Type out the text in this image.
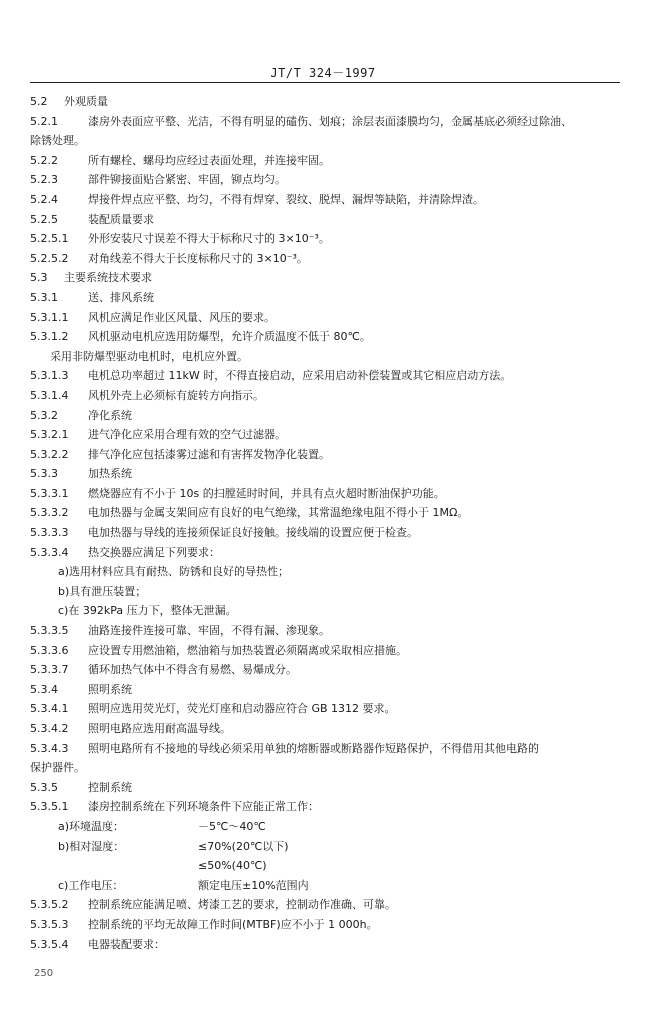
JT/T 324－1997
5.2 外观质量
5.2.1	漆房外表面应平整、光洁，不得有明显的磕伤、划痕；涂层表面漆膜均匀，金属基底必须经过除油、
除锈处理。
5.2.2	所有螺栓、螺母均应经过表面处理，并连接牢固。
5.2.3	部件铆接面贴合紧密、牢固，铆点均匀。
5.2.4	焊接件焊点应平整、均匀，不得有焊穿、裂纹、脱焊、漏焊等缺陷，并清除焊渣。
5.2.5	装配质量要求
5.2.5.1 外形安装尺寸误差不得大于标称尺寸的 3×10⁻³。
5.2.5.2 对角线差不得大于长度标称尺寸的 3×10⁻³。
5.3 主要系统技术要求
5.3.1	送、排风系统
5.3.1.1 风机应满足作业区风量、风压的要求。
5.3.1.2 风机驱动电机应选用防爆型，允许介质温度不低于 80℃。
采用非防爆型驱动电机时，电机应外置。
5.3.1.3 电机总功率超过 11kW 时，不得直接启动，应采用启动补偿装置或其它相应启动方法。
5.3.1.4 风机外壳上必须标有旋转方向指示。
5.3.2	净化系统
5.3.2.1 进气净化应采用合理有效的空气过滤器。
5.3.2.2 排气净化应包括漆雾过滤和有害挥发物净化装置。
5.3.3	加热系统
5.3.3.1 燃烧器应有不小于 10s 的扫膛延时时间，并具有点火超时断油保护功能。
5.3.3.2 电加热器与金属支架间应有良好的电气绝缘，其常温绝缘电阻不得小于 1MΩ。
5.3.3.3 电加热器与导线的连接须保证良好接触。接线端的设置应便于检查。
5.3.3.4 热交换器应满足下列要求：
a)选用材料应具有耐热、防锈和良好的导热性；
b)具有泄压装置；
c)在 392kPa 压力下，整体无泄漏。
5.3.3.5 油路连接件连接可靠、牢固，不得有漏、渗现象。
5.3.3.6 应设置专用燃油箱，燃油箱与加热装置必须隔离或采取相应措施。
5.3.3.7 循环加热气体中不得含有易燃、易爆成分。
5.3.4	照明系统
5.3.4.1 照明应选用荧光灯，荧光灯座和启动器应符合 GB 1312 要求。
5.3.4.2 照明电路应选用耐高温导线。
5.3.4.3 照明电路所有不接地的导线必须采用单独的熔断器或断路器作短路保护，不得借用其他电路的
保护器件。
5.3.5	控制系统
5.3.5.1 漆房控制系统在下列环境条件下应能正常工作：
a)环境温度：	－5℃～40℃
b)相对湿度：	≤70%(20℃以下)
≤50%(40℃)
c)工作电压：	额定电压±10%范围内
5.3.5.2 控制系统应能满足喷、烤漆工艺的要求，控制动作准确、可靠。
5.3.5.3 控制系统的平均无故障工作时间(MTBF)应不小于 1 000h。
5.3.5.4 电器装配要求：
250
